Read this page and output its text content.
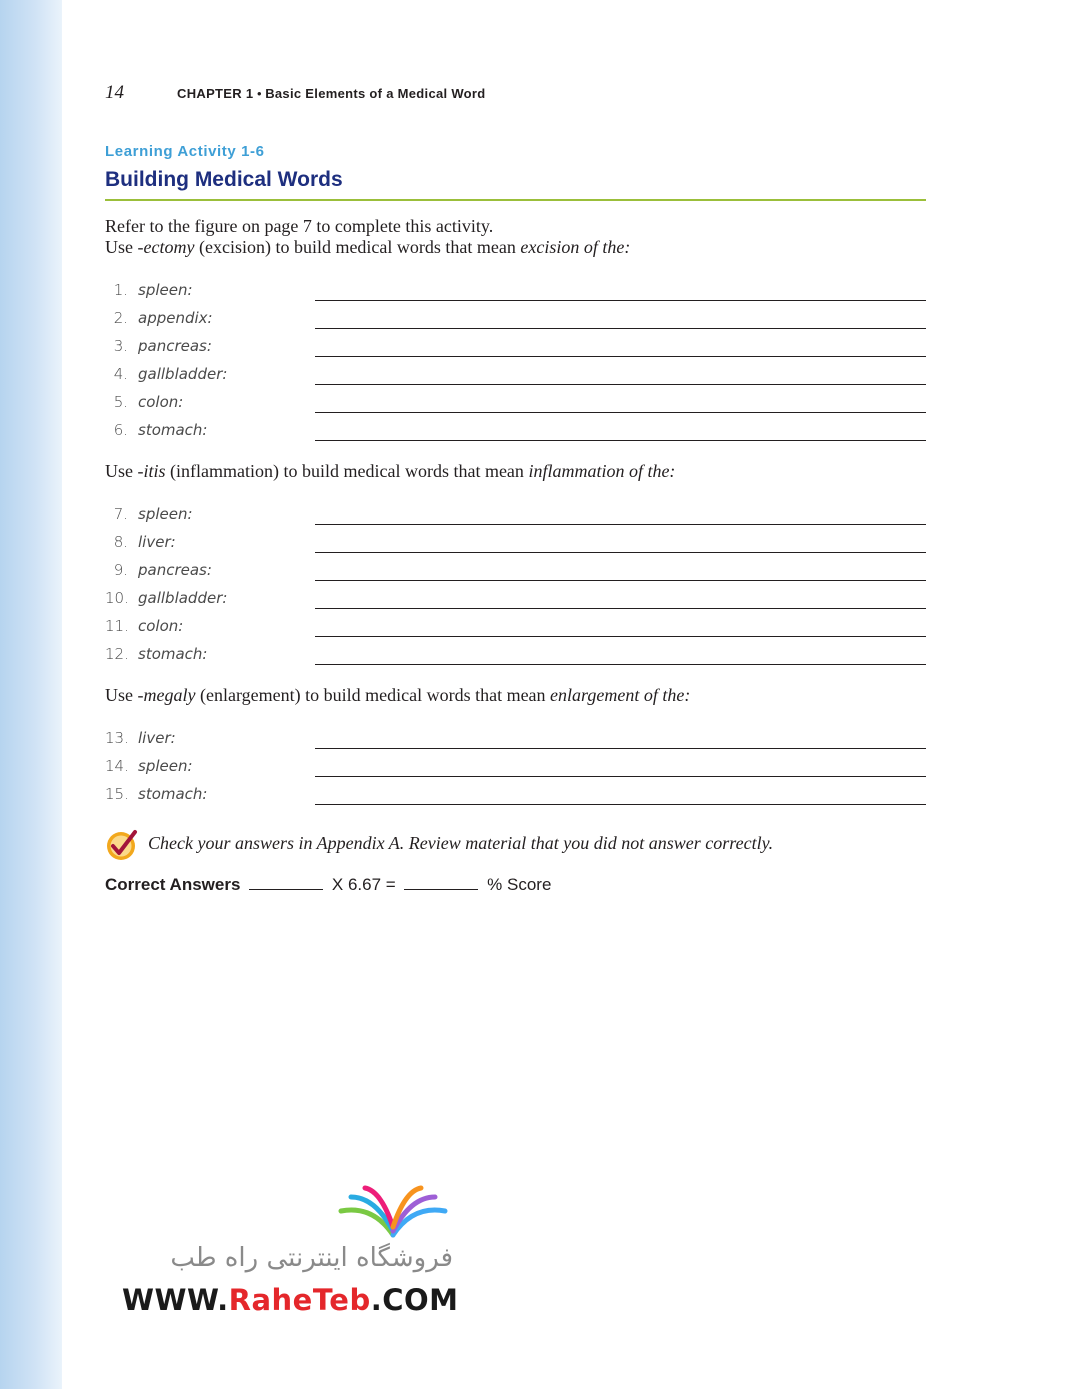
14	CHAPTER 1 • Basic Elements of a Medical Word
Learning Activity 1-6
Building Medical Words
Refer to the figure on page 7 to complete this activity.
Use -ectomy (excision) to build medical words that mean excision of the:
1. spleen:
2. appendix:
3. pancreas:
4. gallbladder:
5. colon:
6. stomach:
Use -itis (inflammation) to build medical words that mean inflammation of the:
7. spleen:
8. liver:
9. pancreas:
10. gallbladder:
11. colon:
12. stomach:
Use -megaly (enlargement) to build medical words that mean enlargement of the:
13. liver:
14. spleen:
15. stomach:
Check your answers in Appendix A. Review material that you did not answer correctly.
Correct Answers	X 6.67 =	% Score
فروشگاه اینترنتی راه طب
WWW.RaheTeb.COM
